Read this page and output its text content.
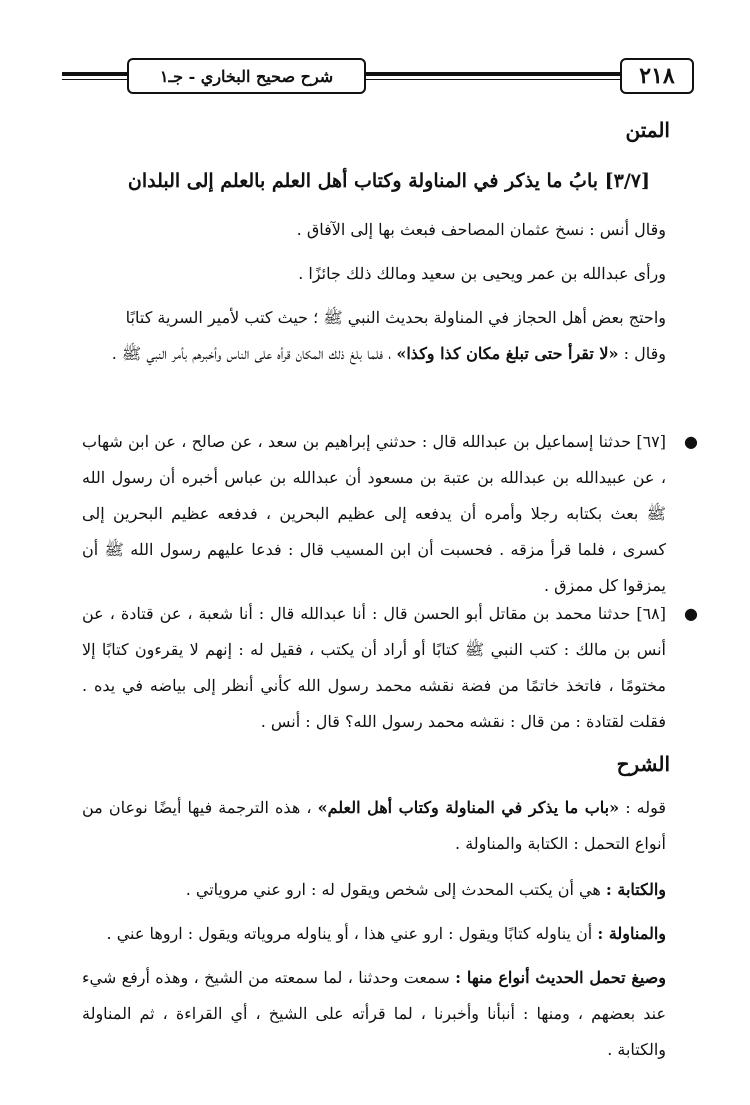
٢١٨
شرح صحيح البخاري - جـ١
المتن
[٣/٧] بابُ ما يذكر في المناولة وكتاب أهل العلم بالعلم إلى البلدان
وقال أنس : نسخ عثمان المصاحف فبعث بها إلى الآفاق .
ورأى عبدالله بن عمر ويحيى بن سعيد ومالك ذلك جائزًا .
واحتج بعض أهل الحجاز في المناولة بحديث النبي ﷺ ؛ حيث كتب لأمير السرية كتابًا
وقال : «لا تقرأ حتى تبلغ مكان كذا وكذا» ، فلما بلغ ذلك المكان قرأه على الناس وأخبرهم بأمر النبي ﷺ .
●
[٦٧] حدثنا إسماعيل بن عبدالله قال : حدثني إبراهيم بن سعد ، عن صالح ، عن ابن شهاب ، عن عبيدالله بن عبدالله بن عتبة بن مسعود أن عبدالله بن عباس أخبره أن رسول الله ﷺ بعث بكتابه رجلا وأمره أن يدفعه إلى عظيم البحرين ، فدفعه عظيم البحرين إلى كسرى ، فلما قرأ مزقه . فحسبت أن ابن المسيب قال : فدعا عليهم رسول الله ﷺ أن يمزقوا كل ممزق .
●
[٦٨] حدثنا محمد بن مقاتل أبو الحسن قال : أنا عبدالله قال : أنا شعبة ، عن قتادة ، عن أنس بن مالك : كتب النبي ﷺ كتابًا أو أراد أن يكتب ، فقيل له : إنهم لا يقرءون كتابًا إلا مختومًا ، فاتخذ خاتمًا من فضة نقشه محمد رسول الله كأني أنظر إلى بياضه في يده . فقلت لقتادة : من قال : نقشه محمد رسول الله؟ قال : أنس .
الشرح
قوله : «باب ما يذكر في المناولة وكتاب أهل العلم» ، هذه الترجمة فيها أيضًا نوعان من أنواع التحمل : الكتابة والمناولة .
والكتابة : هي أن يكتب المحدث إلى شخص ويقول له : ارو عني مروياتي .
والمناولة : أن يناوله كتابًا ويقول : ارو عني هذا ، أو يناوله مروياته ويقول : اروها عني .
وصيغ تحمل الحديث أنواع منها : سمعت وحدثنا ، لما سمعته من الشيخ ، وهذه أرفع شيء عند بعضهم ، ومنها : أنبأنا وأخبرنا ، لما قرأته على الشيخ ، أي القراءة ، ثم المناولة والكتابة .
